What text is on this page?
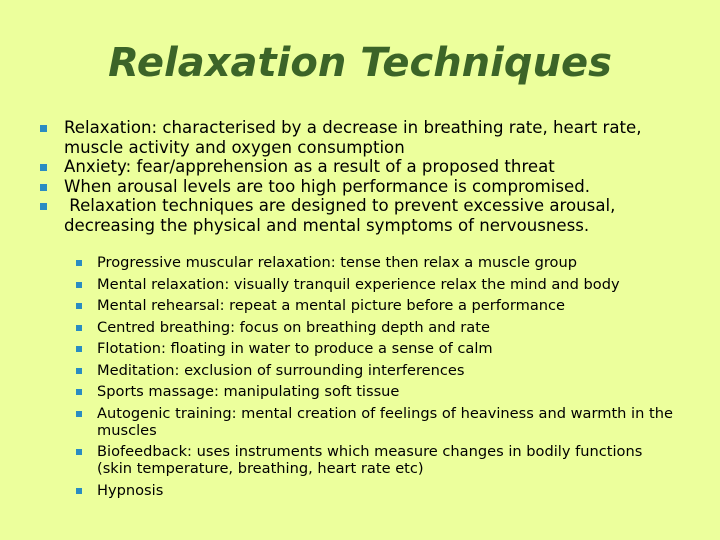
Relaxation Techniques
Relaxation: characterised by a decrease in breathing rate, heart rate, muscle activity and oxygen consumption
Anxiety: fear/apprehension as a result of a proposed threat
When arousal levels are too high performance is compromised.
Relaxation techniques are designed to prevent excessive arousal, decreasing the physical and mental symptoms of nervousness.
Progressive muscular relaxation: tense then relax a muscle group
Mental relaxation: visually tranquil experience relax the mind and body
Mental rehearsal: repeat a mental picture before a performance
Centred breathing: focus on breathing depth and rate
Flotation: floating in water to produce a sense of calm
Meditation: exclusion of surrounding interferences
Sports massage: manipulating soft tissue
Autogenic training: mental creation of feelings of heaviness and warmth in the muscles
Biofeedback: uses instruments which measure changes in bodily functions (skin temperature, breathing, heart rate etc)
Hypnosis
